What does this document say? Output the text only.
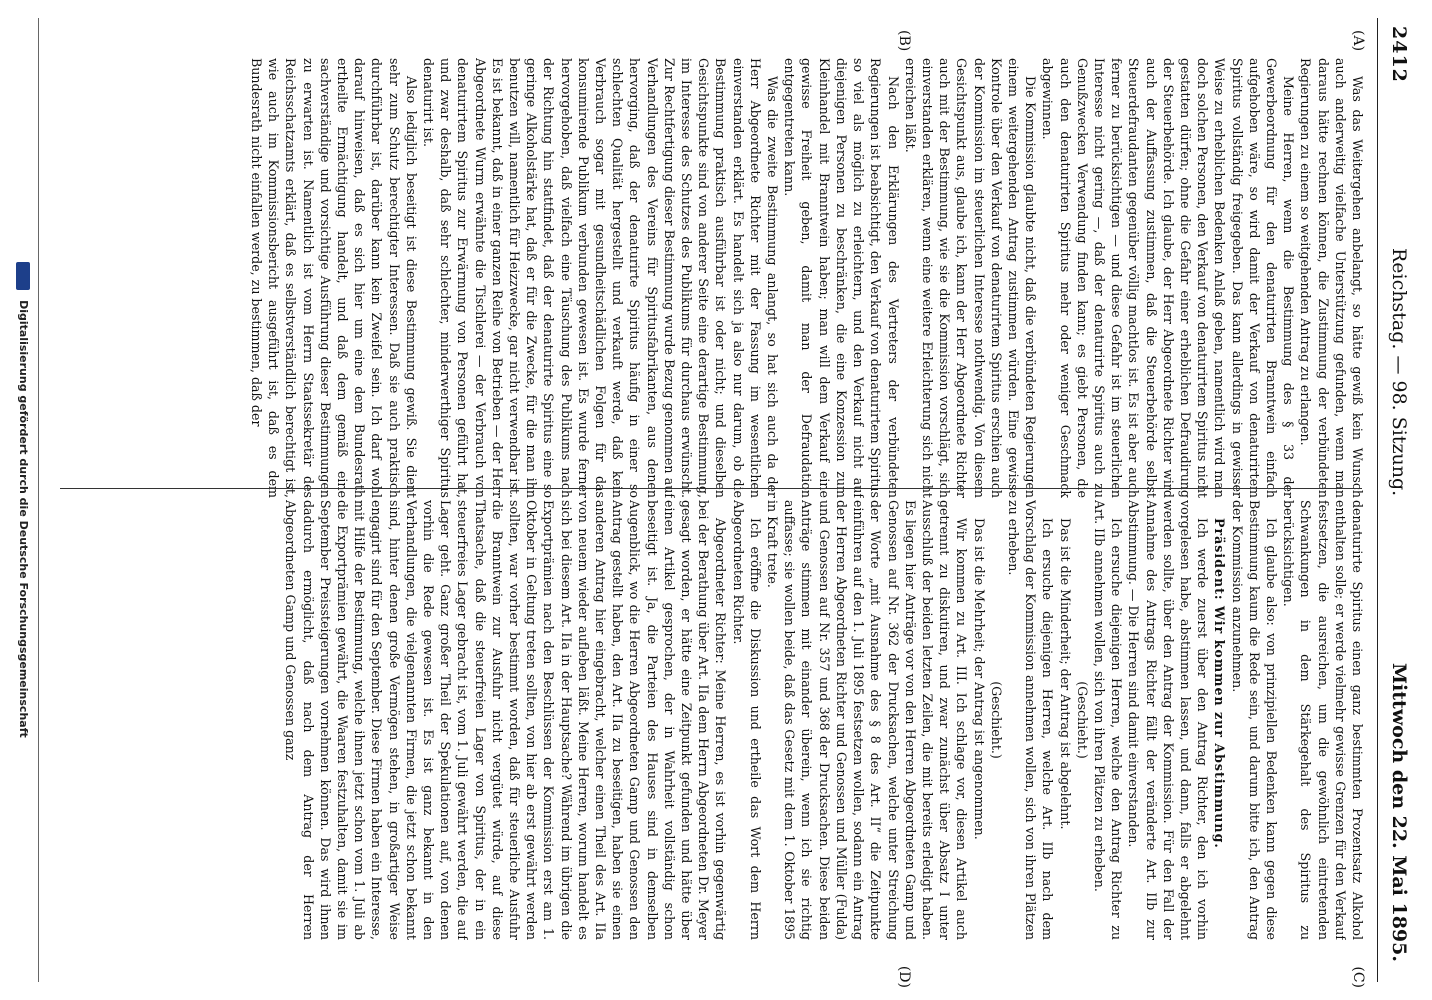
2412
Reichstag. — 98. Sitzung.
Mittwoch den 22. Mai 1895.
(A)
(B)
(C)
(D)

Was das Weitergehen anbelangt, so hätte gewiß kein Wunsch auch anderweitig vielfache Unterstützung gefunden, wenn man daraus hätte rechnen können, die Zustimmung der verbündeten Regierungen zu einem so weitgehenden Antrag zu erlangen.

Meine Herren, wenn die Bestimmung des § 33 der Gewerbeordnung für den denaturirten Branntwein einfach aufgehoben wäre, so wird damit der Verkauf von denaturirtem Spiritus vollständig freigegeben. Das kann allerdings in gewisser Weise zu erheblichen Bedenken Anlaß geben, namentlich wird man doch solchen Personen, den Verkauf von denaturirtem Spiritus nicht gestatten dürfen; ohne die Gefahr einer erheblichen Defraudirung der Steuerbehörde. Ich glaube, der Herr Abgeordnete Richter wird auch der Auffassung zustimmen, daß die Steuerbehörde selbst Steuerdefraudanten gegenüber völlig machtlos ist. Es ist aber auch ferner zu berücksichtigen — und diese Gefahr ist im steuerlichen Interesse nicht gering —, daß der denaturirte Spiritus auch zu Genußzwecken Verwendung finden kann; es giebt Personen, die auch den denaturirten Spiritus mehr oder weniger Geschmack abgewinnen.

Die Kommission glaubte nicht, daß die verbündeten Regierungen einem weitergehenden Antrag zustimmen würden. Eine gewisse Kontrole über den Verkauf von denaturirtem Spiritus erschien auch der Kommission im steuerlichen Interesse nothwendig. Von diesem Gesichtspunkt aus, glaube ich, kann der Herr Abgeordnete Richter auch mit der Bestimmung, wie sie die Kommission vorschlägt, sich einverstanden erklären, wenn eine weitere Erleichterung sich nicht erreichen läßt.

Nach den Erklärungen des Vertreters der verbündeten Regierungen ist beabsichtigt, den Verkauf von denaturirtem Spiritus so viel als möglich zu erleichtern, und den Verkauf nicht auf diejenigen Personen zu beschränken, die eine Konzession zum Kleinhandel mit Branntwein haben; man will dem Verkauf eine gewisse Freiheit geben, damit man der Defraudation entgegentreten kann.

Was die zweite Bestimmung anlangt, so hat sich auch da der Herr Abgeordnete Richter mit der Fassung im wesentlichen einverstanden erklärt. Es handelt sich ja also nur darum, ob die Bestimmung praktisch ausführbar ist oder nicht; und dieselben Gesichtspunkte sind von anderer Seite eine derartige Bestimmung, im Interesse des Schutzes des Publikums für durchaus erwünscht. Zur Rechtfertigung dieser Bestimmung wurde Bezug genommen auf Verhandlungen des Vereins für Spiritusfabrikanten, aus denen hervorging, daß der denaturirte Spiritus häufig in einer so schlechten Qualität hergestellt und verkauft werde, daß kein Verbrauch sogar mit gesundheitschädlichen Folgen für das konsumirende Publikum verbunden gewesen ist. Es wurde ferner hervorgehoben, daß vielfach eine Täuschung des Publikums nach der Richtung hin stattfindet, daß der denaturirte Spiritus eine so geringe Alkoholstärke hat, daß er für die Zwecke, für die man ihn benutzen will, namentlich für Heizzwecke, gar nicht verwendbar ist. Es ist bekannt, daß in einer ganzen Reihe von Betrieben — der Herr Abgeordnete Wurm erwähnte die Tischlerei — der Verbrauch von denaturirtem Spiritus zur Erwärmung von Personen geführt hat, und zwar deshalb, daß sehr schlechter, minderwerthiger Spiritus denaturirt ist.

Also lediglich beseitigt ist diese Bestimmung gewiß. Sie dient sehr zum Schutz berechtigter Interessen. Daß sie auch praktisch durchführbar ist, darüber kann kein Zweifel sein. Ich darf wohl darauf hinweisen, daß es sich hier um eine dem Bundesrath ertheilte Ermächtigung handelt, und daß dem gemäß eine sachverständige und vorsichtige Ausführung dieser Bestimmungen zu erwarten ist. Namentlich ist vom Herrn Staatssekretär des Reichsschatzamts erklärt, daß es selbstverständlich berechtigt ist, wie auch im Kommissionsbericht ausgeführt ist, daß es dem Bundesrath nicht einfallen werde, zu bestimmen, daß der

denaturirte Spiritus einen ganz bestimmten Prozentsatz Alkohol enthalten solle; er werde vielmehr gewisse Grenzen für den Verkauf festsetzen, die ausreichen, um die gewöhnlich eintretenden Schwankungen in dem Stärkegehalt des Spiritus zu berücksichtigen.

Ich glaube also: von prinzipiellen Bedenken kann gegen diese Bestimmung kaum die Rede sein, und darum bitte ich, den Antrag der Kommission anzunehmen.

Präsident: Wir kommen zur Abstimmung.

Ich werde zuerst über den Antrag Richter, den ich vorhin vorgelesen habe, abstimmen lassen, und dann, falls er abgelehnt werden sollte, über den Antrag der Kommission. Für den Fall der Annahme des Antrags Richter fällt der veränderte Art. IIb zur Abstimmung. — Die Herren sind damit einverstanden.

Ich ersuche diejenigen Herren, welche den Antrag Richter zu Art. IIb annehmen wollen, sich von ihren Plätzen zu erheben.

(Geschieht.)

Das ist die Minderheit; der Antrag ist abgelehnt.

Ich ersuche diejenigen Herren, welche Art. IIb nach dem Vorschlag der Kommission annehmen wollen, sich von ihren Plätzen zu erheben.

(Geschieht.)

Das ist die Mehrheit; der Antrag ist angenommen.

Wir kommen zu Art. III. Ich schlage vor, diesen Artikel auch getrennt zu diskutiren, und zwar zunächst über Absatz I unter Ausschluß der beiden letzten Zeilen, die mit bereits erledigt haben. Es liegen hier Anträge vor von den Herren Abgeordneten Gamp und Genossen auf Nr. 362 der Drucksachen, welche unter Streichung der Worte „mit Ausnahme des § 8 des Art. II“ die Zeitpunkte einführen auf den 1. Juli 1895 festsetzen wollen, sodann ein Antrag der Herren Abgeordneten Richter und Genossen und Müller (Fulda) und Genossen auf Nr. 357 und 368 der Drucksachen. Diese beiden Anträge stimmen mit einander überein, wenn ich sie richtig auffasse; sie wollen beide, daß das Gesetz mit dem 1. Oktober 1895 in Kraft trete.

Ich eröffne die Diskussion und ertheile das Wort dem Herrn Abgeordneten Richter.

Abgeordneter Richter: Meine Herren, es ist vorhin gegenwärtig bei der Berathung über Art. IIa dem Herrn Abgeordneten Dr. Meyer gesagt worden, er hätte eine Zeitpunkt gefunden und hätte über einen Artikel gesprochen, der in Wahrheit vollständig schon beseitigt ist. Ja, die Parteien des Hauses sind in demselben Augenblick, wo die Herren Abgeordneten Gamp und Genossen den Antrag gestellt haben, den Art. IIa zu beseitigen, haben sie einen anderen Antrag hier eingebracht, welcher einen Theil des Art. IIa von neuem wieder aufleben läßt. Meine Herren, worum handelt es sich bei diesem Art. IIa in der Hauptsache? Während im übrigen die Exportprämien nach den Beschlüssen der Kommission erst am 1. Oktober in Geltung treten sollten, von hier ab erst gewährt werden sollten, war vorher bestimmt worden, daß für steuerliche Ausfuhr die Branntwein zur Ausfuhr nicht vergütet würde, auf diese Thatsache, daß die steuerfreien Lager von Spiritus, der in ein steuerfreies Lager gebracht ist, vom 1. Juli gewährt werden, die auf Lager geht. Ganz großer Theil der Spekulationen auf, von denen vorhin die Rede gewesen ist. Es ist ganz bekannt in den Verhandlungen, die vielgenannten Firmen, die jetzt schon bekannt sind, hinter denen große Vermögen stehen, in großartiger Weise engagirt sind für den September. Diese Firmen haben ein Interesse, mit Hilfe der Bestimmung, welche ihnen jetzt schon vom 1. Juli ab die Exportprämien gewährt, die Waaren festzuhalten, damit sie im September Preissteigerungen vornehmen können. Das wird ihnen dadurch ermöglicht, daß nach dem Antrag der Herren Abgeordneten Gamp und Genossen ganz

Digitalisierung gefördert durch die Deutsche Forschungsgemeinschaft
